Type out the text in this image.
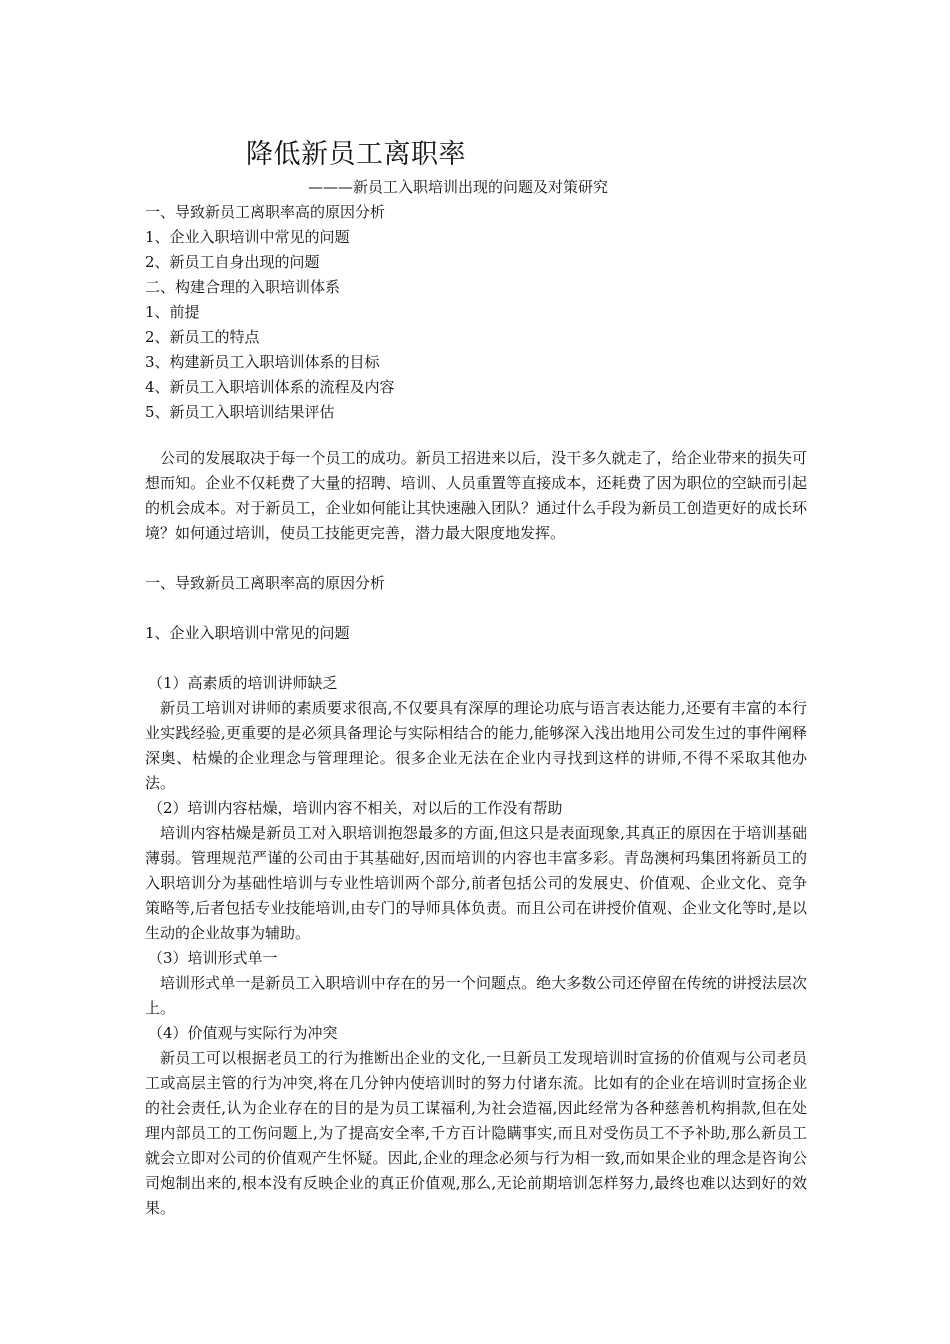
降低新员工离职率
———新员工入职培训出现的问题及对策研究
一、导致新员工离职率高的原因分析
1、企业入职培训中常见的问题
2、新员工自身出现的问题
二、构建合理的入职培训体系
1、前提
2、新员工的特点
3、构建新员工入职培训体系的目标
4、新员工入职培训体系的流程及内容
5、新员工入职培训结果评估

公司的发展取决于每一个员工的成功。新员工招进来以后，没干多久就走了，给企业带来的损失可想而知。企业不仅耗费了大量的招聘、培训、人员重置等直接成本，还耗费了因为职位的空缺而引起的机会成本。对于新员工，企业如何能让其快速融入团队？通过什么手段为新员工创造更好的成长环境？如何通过培训，使员工技能更完善，潜力最大限度地发挥。

一、导致新员工离职率高的原因分析

1、企业入职培训中常见的问题

（1）高素质的培训讲师缺乏

新员工培训对讲师的素质要求很高,不仅要具有深厚的理论功底与语言表达能力,还要有丰富的本行业实践经验,更重要的是必须具备理论与实际相结合的能力,能够深入浅出地用公司发生过的事件阐释深奥、枯燥的企业理念与管理理论。很多企业无法在企业内寻找到这样的讲师,不得不采取其他办法。

（2）培训内容枯燥，培训内容不相关，对以后的工作没有帮助

培训内容枯燥是新员工对入职培训抱怨最多的方面,但这只是表面现象,其真正的原因在于培训基础薄弱。管理规范严谨的公司由于其基础好,因而培训的内容也丰富多彩。青岛澳柯玛集团将新员工的入职培训分为基础性培训与专业性培训两个部分,前者包括公司的发展史、价值观、企业文化、竞争策略等,后者包括专业技能培训,由专门的导师具体负责。而且公司在讲授价值观、企业文化等时,是以生动的企业故事为辅助。

（3）培训形式单一

培训形式单一是新员工入职培训中存在的另一个问题点。绝大多数公司还停留在传统的讲授法层次上。

（4）价值观与实际行为冲突

新员工可以根据老员工的行为推断出企业的文化,一旦新员工发现培训时宣扬的价值观与公司老员工或高层主管的行为冲突,将在几分钟内使培训时的努力付诸东流。比如有的企业在培训时宣扬企业的社会责任,认为企业存在的目的是为员工谋福利,为社会造福,因此经常为各种慈善机构捐款,但在处理内部员工的工伤问题上,为了提高安全率,千方百计隐瞒事实,而且对受伤员工不予补助,那么新员工就会立即对公司的价值观产生怀疑。因此,企业的理念必须与行为相一致,而如果企业的理念是咨询公司炮制出来的,根本没有反映企业的真正价值观,那么,无论前期培训怎样努力,最终也难以达到好的效果。
